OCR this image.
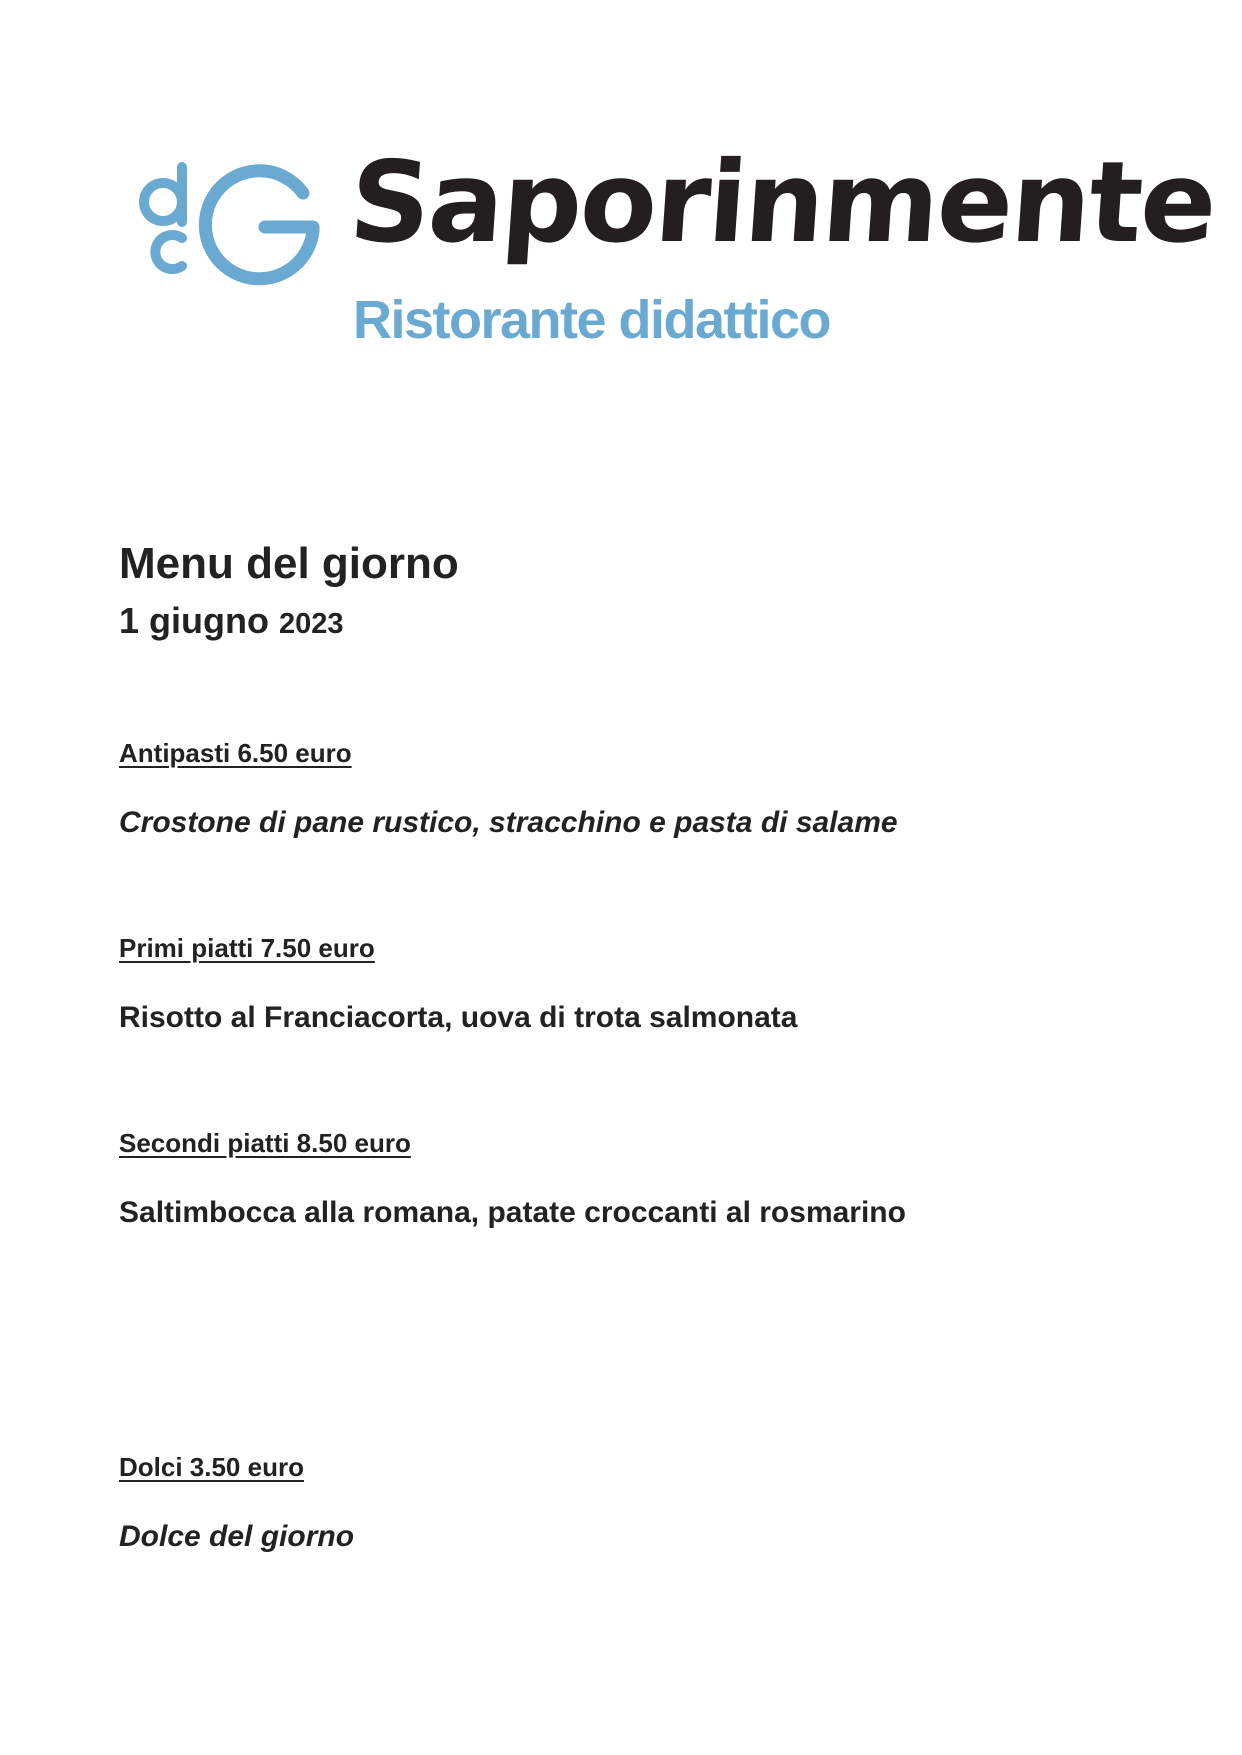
Saporinmente
Ristorante didattico
Menu del giorno

1 giugno 2023

Antipasti 6.50 euro

Crostone di pane rustico, stracchino e pasta di salame

Primi piatti 7.50 euro

Risotto al Franciacorta, uova di trota salmonata

Secondi piatti 8.50 euro

Saltimbocca alla romana, patate croccanti al rosmarino

Dolci 3.50 euro

Dolce del giorno
